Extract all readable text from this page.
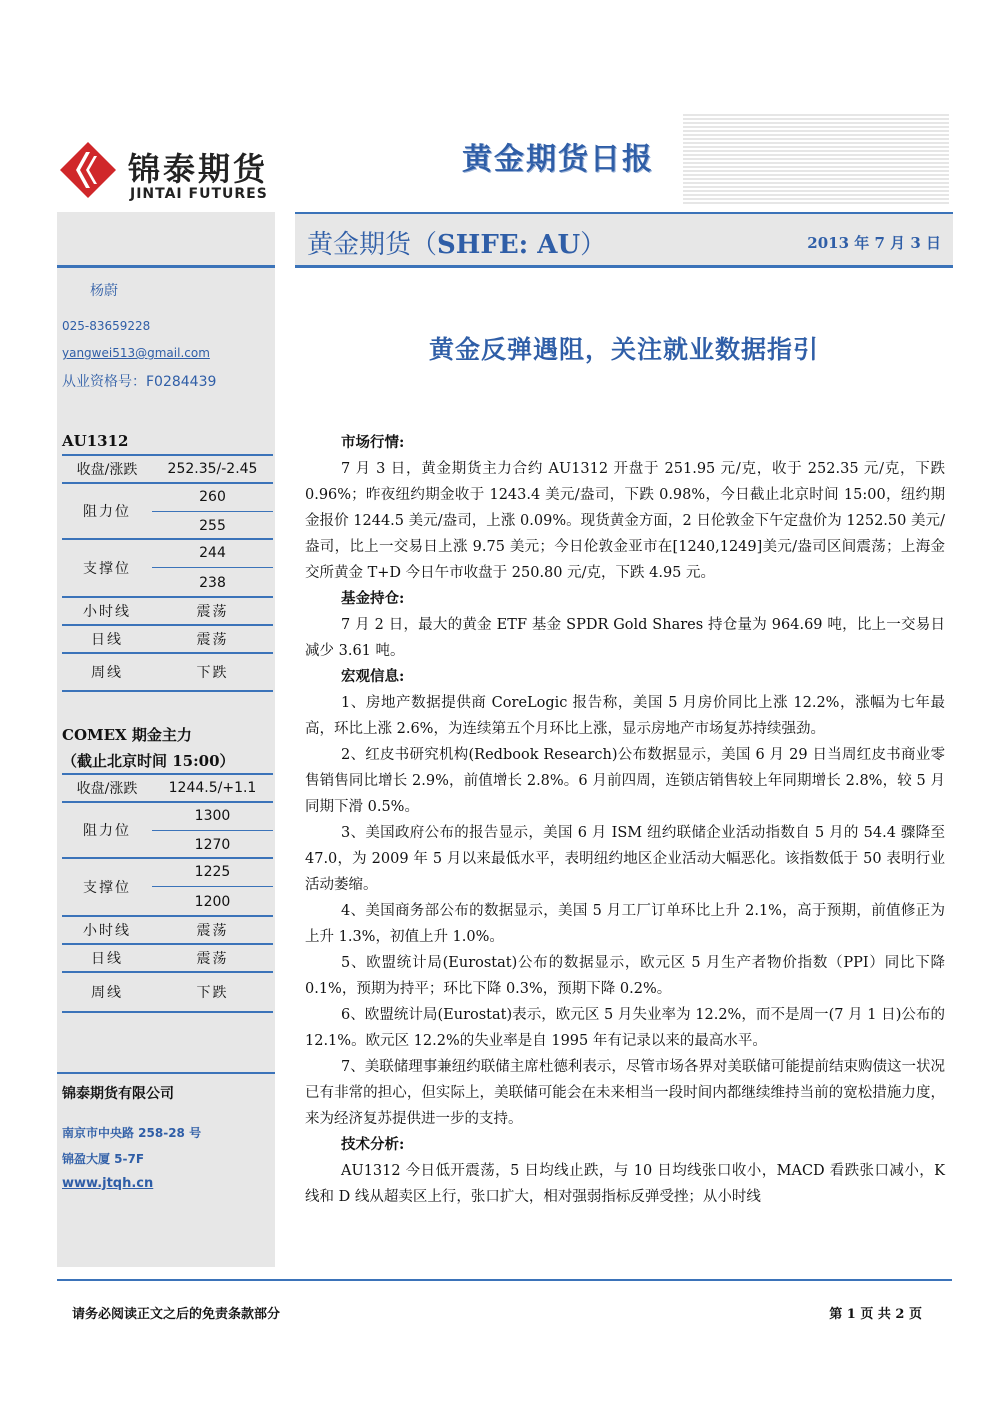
锦泰期货
JINTAI FUTURES
黄金期货日报
杨蔚
025-83659228
yangwei513@gmail.com
从业资格号：F0284439
AU1312
收盘/涨跌	252.35/-2.45
阻力位
260
255
支撑位
244
238
小时线	震荡
日线	震荡
周线	下跌
COMEX 期金主力
（截止北京时间 15:00）
收盘/涨跌	1244.5/+1.1
阻力位
1300
1270
支撑位
1225
1200
小时线	震荡
日线	震荡
周线	下跌
锦泰期货有限公司
南京市中央路 258-28 号
锦盈大厦 5-7F
www.jtqh.cn
黄金期货（SHFE: AU）	2013 年 7 月 3 日
黄金反弹遇阻，关注就业数据指引
市场行情:

7 月 3 日，黄金期货主力合约 AU1312 开盘于 251.95 元/克，收于 252.35 元/克，下跌 0.96%；昨夜纽约期金收于 1243.4 美元/盎司，下跌 0.98%，今日截止北京时间 15:00，纽约期金报价 1244.5 美元/盎司，上涨 0.09%。现货黄金方面，2 日伦敦金下午定盘价为 1252.50 美元/盎司，比上一交易日上涨 9.75 美元；今日伦敦金亚市在[1240,1249]美元/盎司区间震荡；上海金交所黄金 T+D 今日午市收盘于 250.80 元/克，下跌 4.95 元。

基金持仓:

7 月 2 日，最大的黄金 ETF 基金 SPDR Gold Shares 持仓量为 964.69 吨，比上一交易日减少 3.61 吨。

宏观信息:

1、房地产数据提供商 CoreLogic 报告称，美国 5 月房价同比上涨 12.2%，涨幅为七年最高，环比上涨 2.6%，为连续第五个月环比上涨，显示房地产市场复苏持续强劲。

2、红皮书研究机构(Redbook Research)公布数据显示，美国 6 月 29 日当周红皮书商业零售销售同比增长 2.9%，前值增长 2.8%。6 月前四周，连锁店销售较上年同期增长 2.8%，较 5 月同期下滑 0.5%。

3、美国政府公布的报告显示，美国 6 月 ISM 纽约联储企业活动指数自 5 月的 54.4 骤降至 47.0，为 2009 年 5 月以来最低水平，表明纽约地区企业活动大幅恶化。该指数低于 50 表明行业活动萎缩。

4、美国商务部公布的数据显示，美国 5 月工厂订单环比上升 2.1%，高于预期，前值修正为上升 1.3%，初值上升 1.0%。

5、欧盟统计局(Eurostat)公布的数据显示，欧元区 5 月生产者物价指数（PPI）同比下降 0.1%，预期为持平；环比下降 0.3%，预期下降 0.2%。

6、欧盟统计局(Eurostat)表示，欧元区 5 月失业率为 12.2%，而不是周一(7 月 1 日)公布的 12.1%。欧元区 12.2%的失业率是自 1995 年有记录以来的最高水平。

7、美联储理事兼纽约联储主席杜德利表示，尽管市场各界对美联储可能提前结束购债这一状况已有非常的担心，但实际上，美联储可能会在未来相当一段时间内都继续维持当前的宽松措施力度，来为经济复苏提供进一步的支持。

技术分析:

AU1312 今日低开震荡，5 日均线止跌，与 10 日均线张口收小，MACD 看跌张口减小，K 线和 D 线从超卖区上行，张口扩大，相对强弱指标反弹受挫；从小时线

请务必阅读正文之后的免责条款部分	第 1 页 共 2 页
